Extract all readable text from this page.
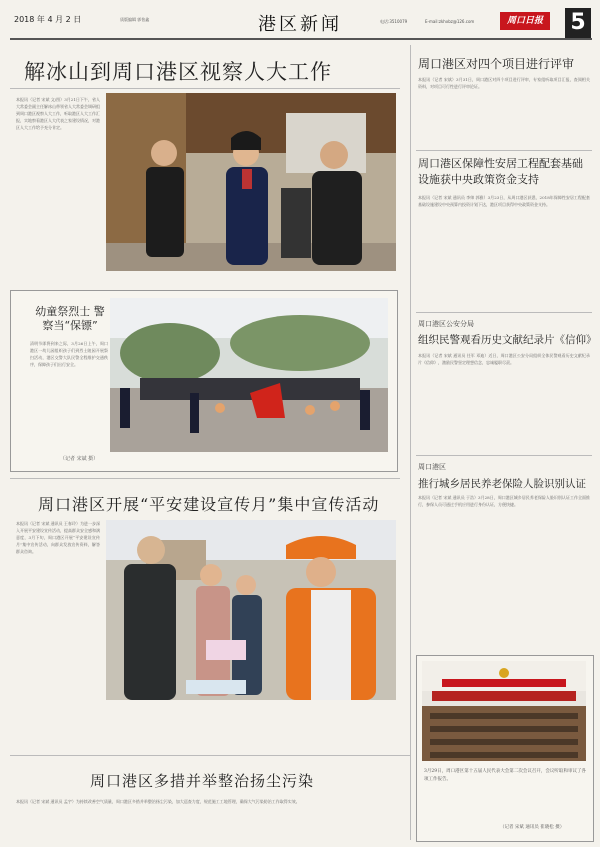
2018 年 4 月 2 日	质版编辑 郭怡鑫	港区新闻	电话:3510079	E-mail:zkhxbz@126.com	周口日报	5
解冰山到周口港区视察人大工作
本报讯（记者 宋斌 文/图）3月21日下午，省人大常委会副主任解冰山带领省人大常委会调研组到周口港区视察人大工作，听取港区人大工作汇报，实地察看港区人大代表之家建设情况，对港区人大工作给予充分肯定。
幼童祭烈士 警察当“保镖”
清明节即将到来之际，3月26日上午，周口港区一幼儿园组织孩子们到烈士陵园开展祭扫活动，港区交警大队民警全程维护交通秩序，保障孩子们出行安全。
（记者 宋斌 摄）
周口港区开展“平安建设宣传月”集中宣传活动
本报讯（记者 宋斌 通讯员 王春玲）为进一步深入开展平安建设宣传活动，提高群众安全感和满意度，3月下旬，周口港区开展“平安建设宣传月”集中宣传活动，向群众发放宣传资料，解答群众咨询。
周口港区多措并举整治扬尘污染
本报讯（记者 宋斌 通讯员 孟宇）为持续改善空气质量，周口港区多措并举整治扬尘污染，加大巡查力度，规范施工工地管理，确保大气污染防治工作取得实效。
周口港区对四个项目进行评审
本报讯（记者 宋斌）3月31日，周口港区对四个项目进行评审，专家组听取项目汇报，查阅相关资料，对项目可行性进行评审论证。
周口港区保障性安居工程配套基础设施获中央政策资金支持
本报讯（记者 宋斌 通讯员 李帅 郭雅）3月23日，从周口港区获悉，2018年保障性安居工程配套基础设施建设中央预算内投资计划下达，港区项目获得中央政策资金支持。
周口港区公安分局
组织民警观看历史文献纪录片《信仰》
本报讯（记者 宋斌 通讯员 任军 邓迪）近日，周口港区公安分局组织全体民警观看历史文献纪录片《信仰》，激励民警坚定理想信念，忠诚履职尽责。
周口港区
推行城乡居民养老保险人脸识别认证
本报讯（记者 宋斌 通讯员 于浩）3月28日，周口港区城乡居民养老保险人脸识别认证工作全面推行，参保人员可通过手机应用进行身份认证，方便快捷。
3月29日，周口港区第十五届人民代表大会第二次会议召开，会议听取和审议了各项工作报告。
（记者 宋斌 通讯员 崔晓松 摄）
